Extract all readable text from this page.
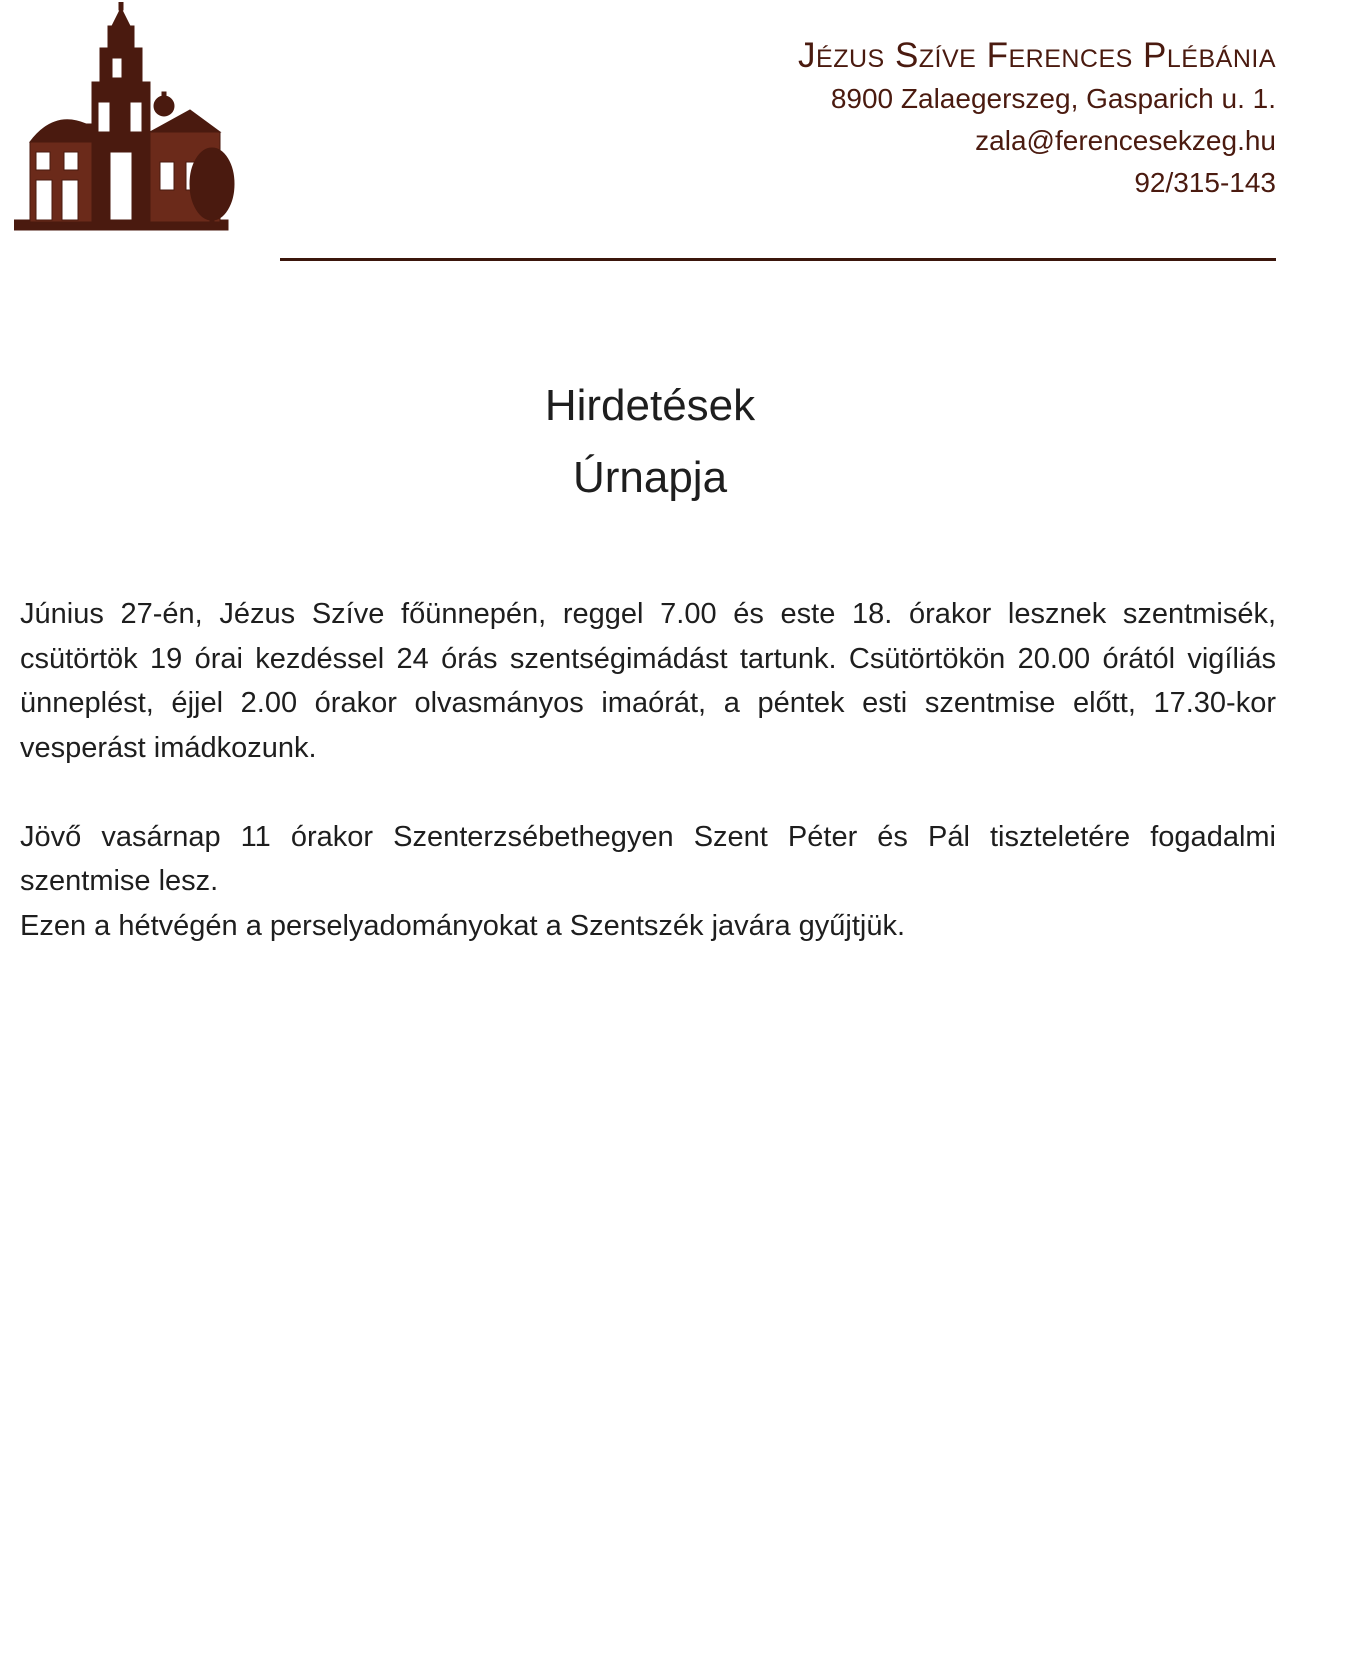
Jézus Szíve Ferences Plébánia
8900 Zalaegerszeg, Gasparich u. 1.
zala@ferencesekzeg.hu
92/315-143
Hirdetések
Úrnapja

Június 27-én, Jézus Szíve főünnepén, reggel 7.00 és este 18. órakor lesznek szentmisék, csütörtök 19 órai kezdéssel 24 órás szentségimádást tartunk. Csütörtökön 20.00 órától vigíliás ünneplést, éjjel 2.00 órakor olvasmányos imaórát, a péntek esti szentmise előtt, 17.30-kor vesperást imádkozunk.

Jövő vasárnap 11 órakor Szenterzsébethegyen Szent Péter és Pál tiszteletére fogadalmi szentmise lesz.

Ezen a hétvégén a perselyadományokat a Szentszék javára gyűjtjük.
